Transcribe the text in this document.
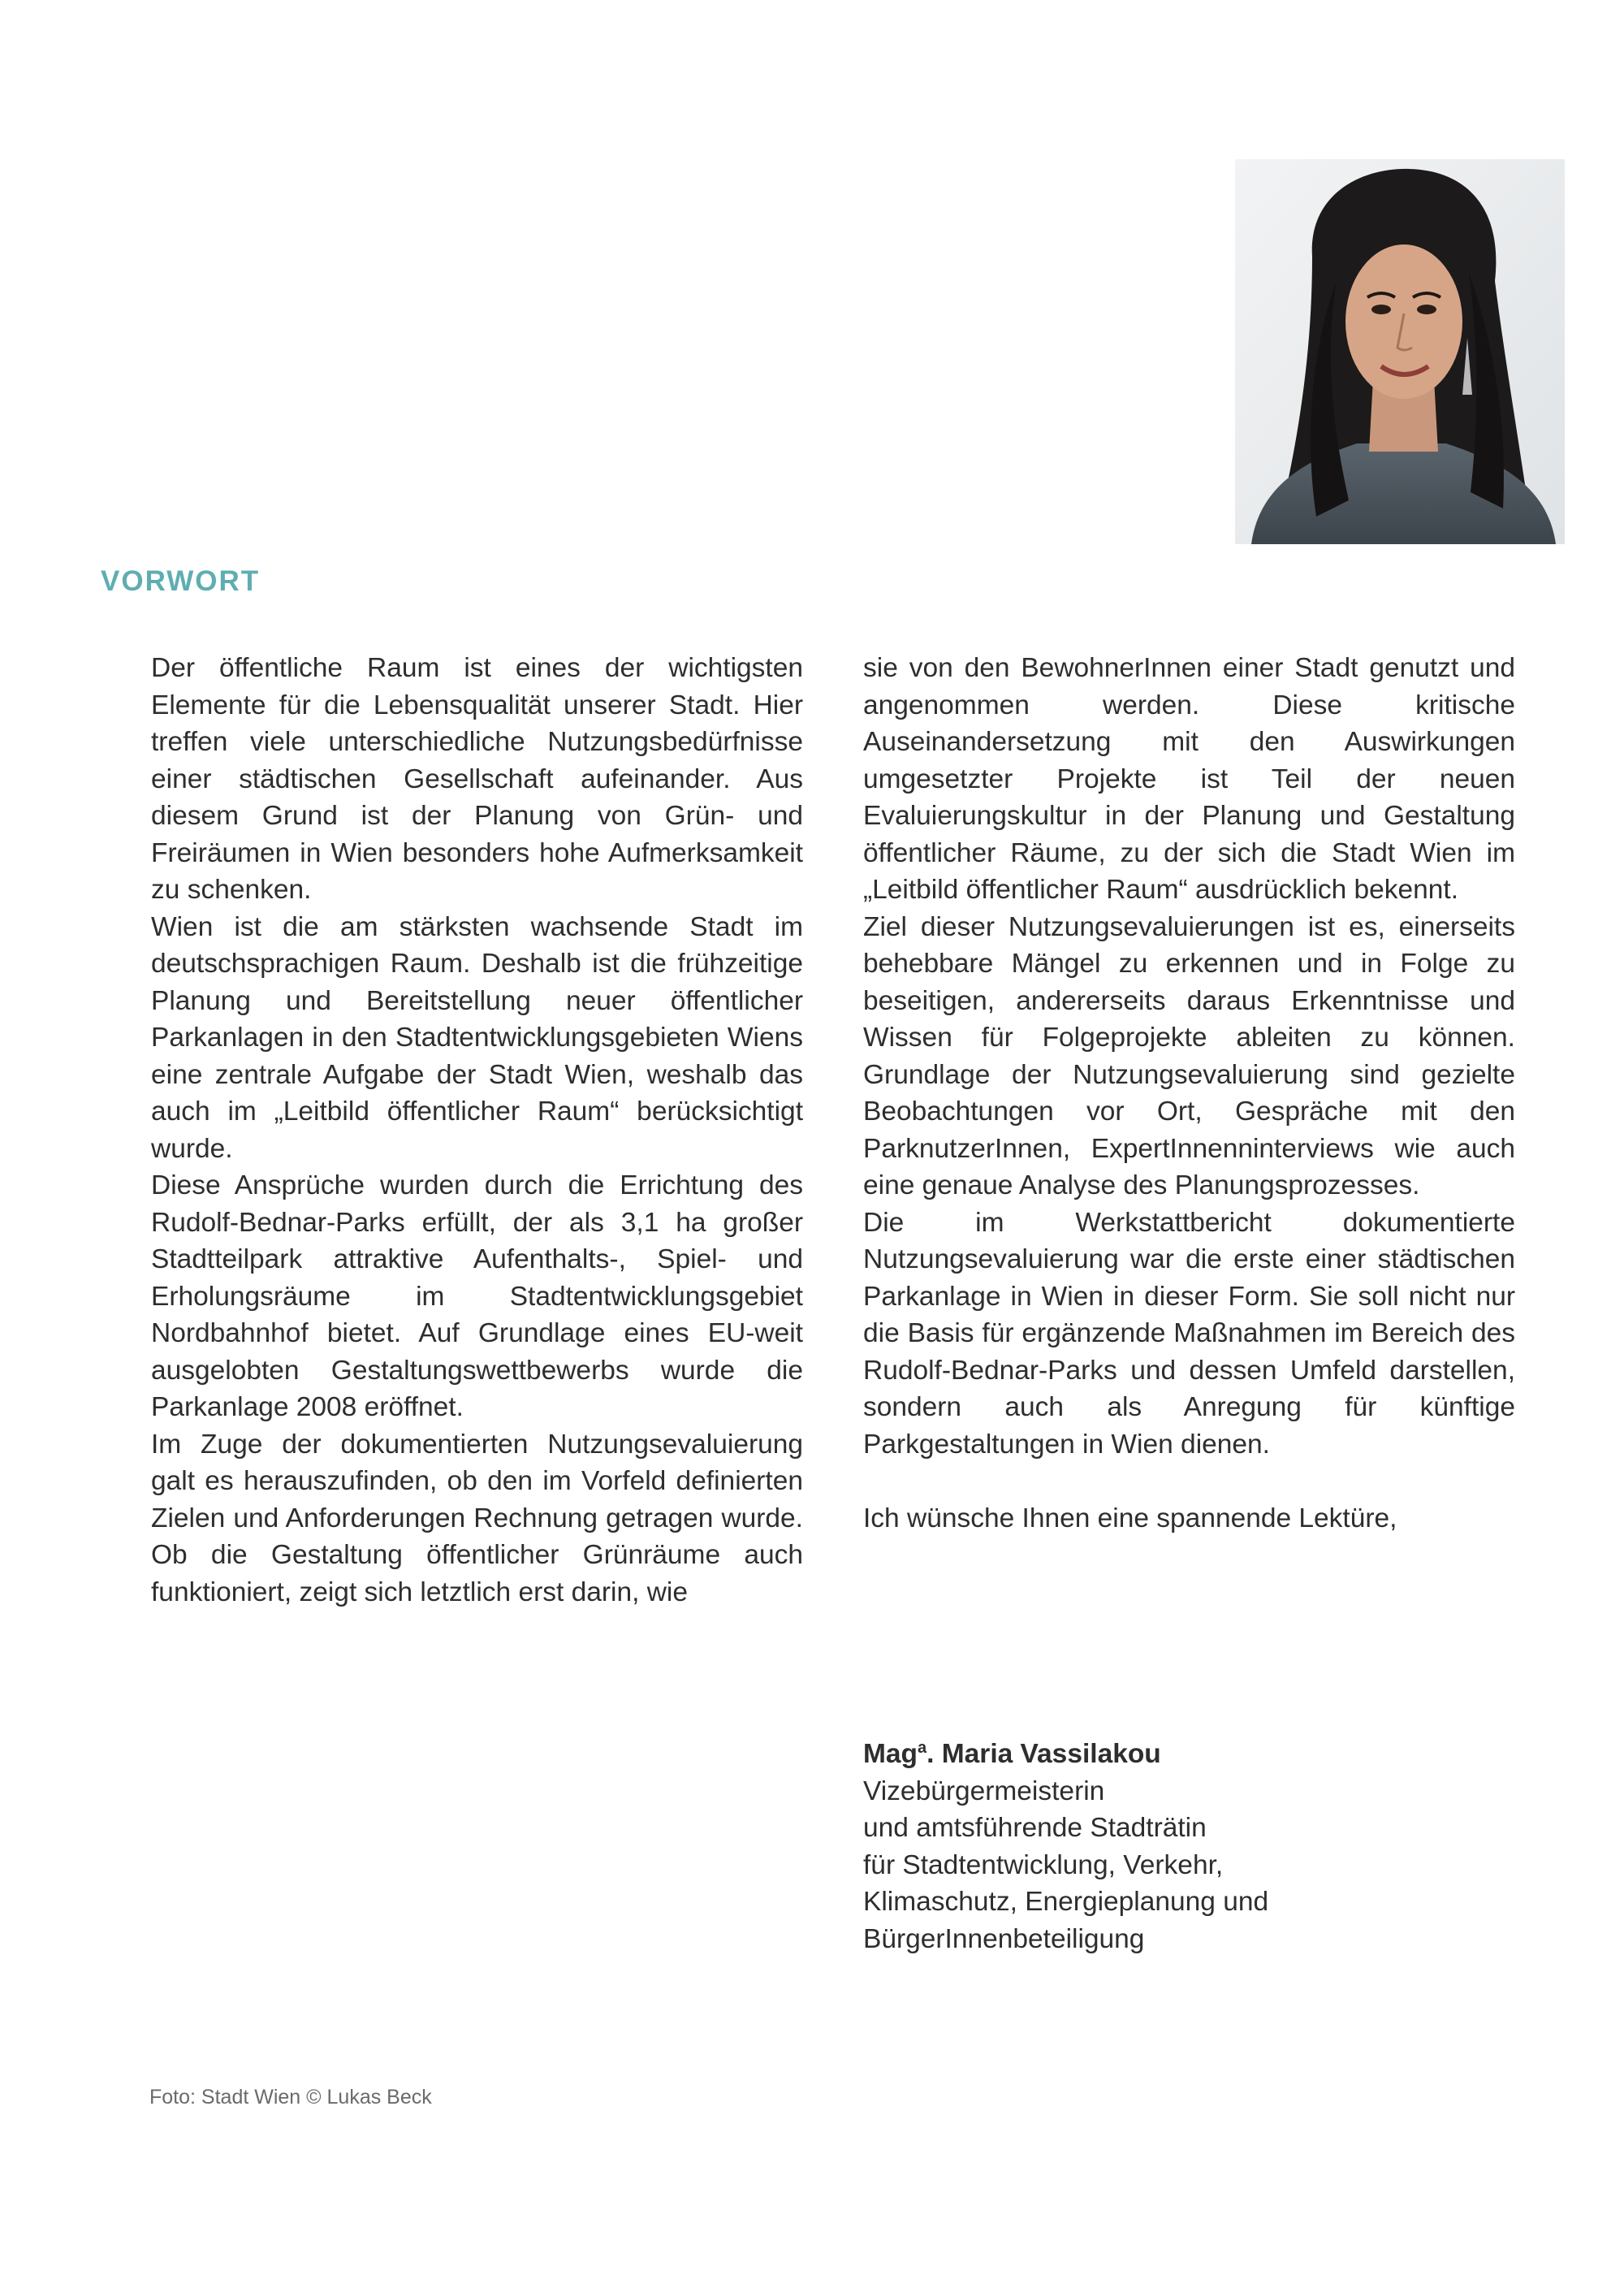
VORWORT

Der öffentliche Raum ist eines der wichtigsten Elemente für die Lebensqualität unserer Stadt. Hier treffen viele unterschiedliche Nutzungsbedürfnisse einer städtischen Gesellschaft aufeinander. Aus diesem Grund ist der Planung von Grün- und Freiräumen in Wien besonders hohe Aufmerksamkeit zu schenken.

Wien ist die am stärksten wachsende Stadt im deutschsprachigen Raum. Deshalb ist die frühzeitige Planung und Bereitstellung neuer öffentlicher Parkanlagen in den Stadtentwicklungsgebieten Wiens eine zentrale Aufgabe der Stadt Wien, weshalb das auch im „Leitbild öffentlicher Raum“ berücksichtigt wurde.

Diese Ansprüche wurden durch die Errichtung des Rudolf-Bednar-Parks erfüllt, der als 3,1 ha großer Stadtteilpark attraktive Aufenthalts-, Spiel- und Erholungsräume im Stadtentwicklungsgebiet Nordbahnhof bietet. Auf Grundlage eines EU-weit ausgelobten Gestaltungswettbewerbs wurde die Parkanlage 2008 eröffnet.

Im Zuge der dokumentierten Nutzungsevaluierung galt es herauszufinden, ob den im Vorfeld definierten Zielen und Anforderungen Rechnung getragen wurde. Ob die Gestaltung öffentlicher Grünräume auch funktioniert, zeigt sich letztlich erst darin, wie

sie von den BewohnerInnen einer Stadt genutzt und angenommen werden. Diese kritische Auseinandersetzung mit den Auswirkungen umgesetzter Projekte ist Teil der neuen Evaluierungskultur in der Planung und Gestaltung öffentlicher Räume, zu der sich die Stadt Wien im „Leitbild öffentlicher Raum“ ausdrücklich bekennt.

Ziel dieser Nutzungsevaluierungen ist es, einerseits behebbare Mängel zu erkennen und in Folge zu beseitigen, andererseits daraus Erkenntnisse und Wissen für Folgeprojekte ableiten zu können. Grundlage der Nutzungsevaluierung sind gezielte Beobachtungen vor Ort, Gespräche mit den ParknutzerInnen, ExpertInnenninterviews wie auch eine genaue Analyse des Planungsprozesses.

Die im Werkstattbericht dokumentierte Nutzungsevaluierung war die erste einer städtischen Parkanlage in Wien in dieser Form. Sie soll nicht nur die Basis für ergänzende Maßnahmen im Bereich des Rudolf-Bednar-Parks und dessen Umfeld darstellen, sondern auch als Anregung für künftige Parkgestaltungen in Wien dienen.

Ich wünsche Ihnen eine spannende Lektüre,

Mag$^a$. Maria Vassilakou
Vizebürgermeisterin
und amtsführende Stadträtin
für Stadtentwicklung, Verkehr,
Klimaschutz, Energieplanung und
BürgerInnenbeteiligung
Foto: Stadt Wien © Lukas Beck
